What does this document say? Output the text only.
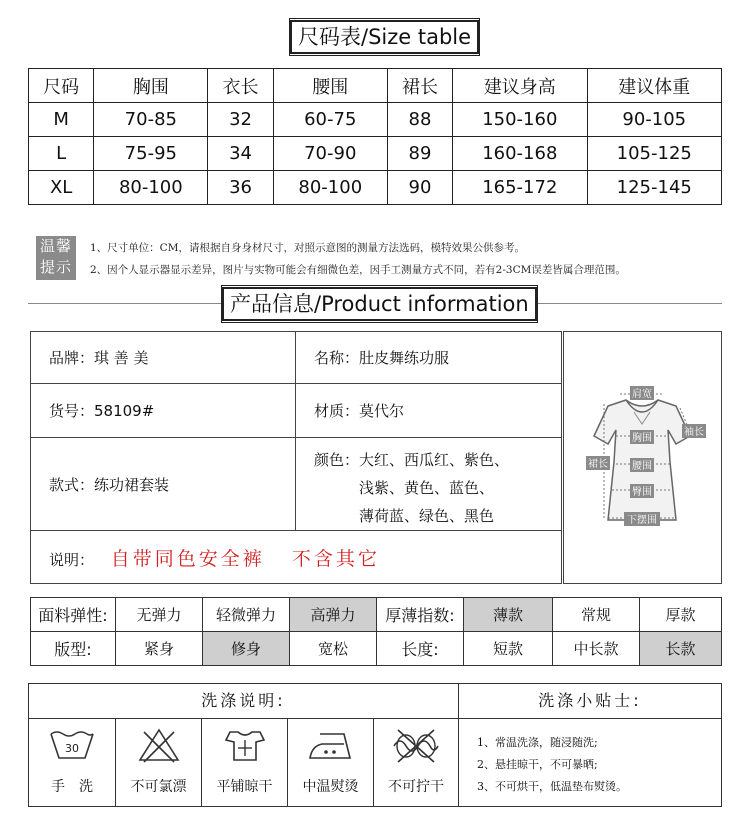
尺码表/Size table
尺码	胸围	衣长	腰围	裙长	建议身高	建议体重
M	70-85	32	60-75	88	150-160	90-105
L	75-95	34	70-90	89	160-168	105-125
XL	80-100	36	80-100	90	165-172	125-145
温馨
提示
1、尺寸单位：CM，请根据自身身材尺寸，对照示意图的测量方法选码，模特效果公供参考。
2、因个人显示器显示差异，图片与实物可能会有细微色差，因手工测量方式不同，若有2-3CM误差皆属合理范围。
产品信息/Product information
品牌：琪 善 美	名称：肚皮舞练功服
货号：58109#	材质：莫代尔
款式：练功裙套装	颜色： 大红、西瓜红、紫色、
浅紫、黄色、蓝色、
薄荷蓝、绿色、黑色

说明： 自带同色安全裤   不含其它	
肩宽
袖长
胸围
裙长 腰围
臀围
下摆围
面料弹性:	无弹力	轻微弹力	高弹力	厚薄指数:	薄款	常规	厚款
版型:	紧身	修身	宽松	长度:	短款	中长款	长款
洗涤说明:	洗涤小贴士:
30
手　洗	不可氯漂	平铺晾干	中温熨烫	不可拧干
1、常温洗涤，随浸随洗;
2、悬挂晾干，不可暴晒;
3、不可烘干，低温垫布熨烫。
